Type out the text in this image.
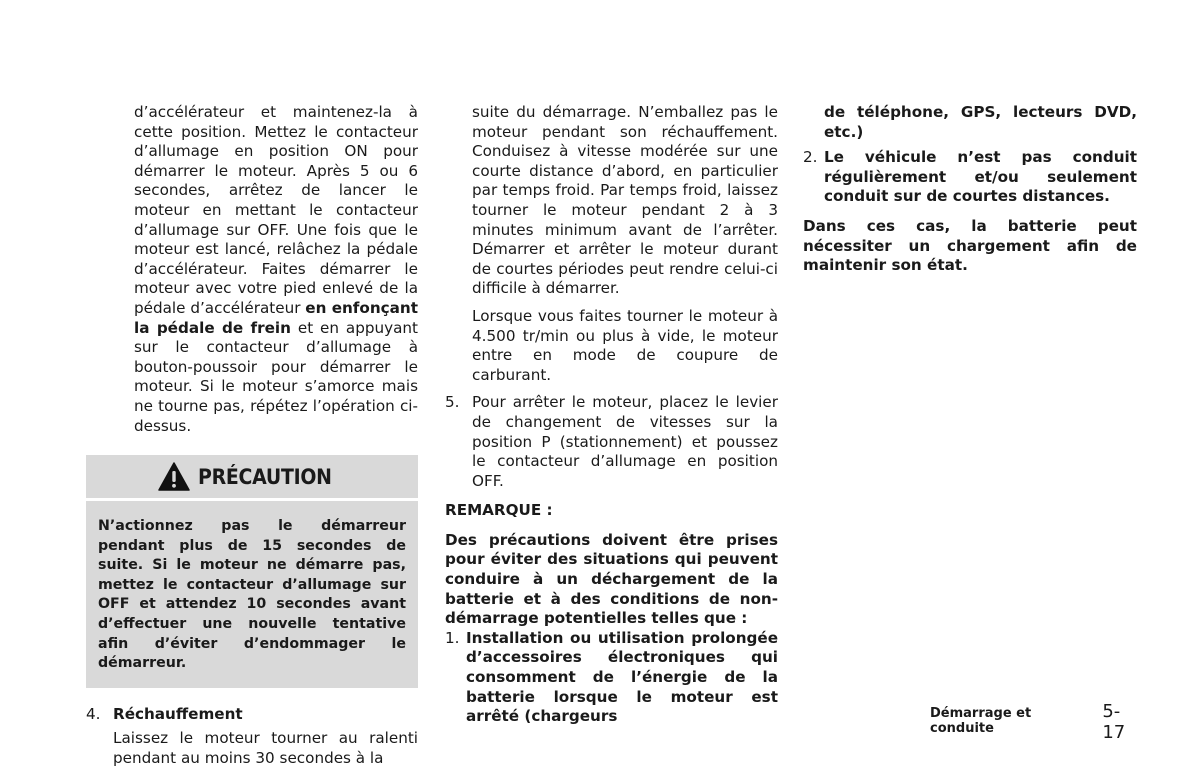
d’accélérateur et maintenez-la à cette position. Mettez le contacteur d’allumage en position ON pour démarrer le moteur. Après 5 ou 6 secondes, arrêtez de lancer le moteur en mettant le contacteur d’allumage sur OFF. Une fois que le moteur est lancé, relâchez la pédale d’accélérateur. Faites démarrer le moteur avec votre pied enlevé de la pédale d’accélérateur en enfonçant la pédale de frein et en appuyant sur le contacteur d’allumage à bouton-poussoir pour démarrer le moteur. Si le moteur s’amorce mais ne tourne pas, répétez l’opération ci-dessus.

PRÉCAUTION
N’actionnez pas le démarreur pendant plus de 15 secondes de suite. Si le moteur ne démarre pas, mettez le contacteur d’allumage sur OFF et attendez 10 secondes avant d’effectuer une nouvelle tentative afin d’éviter d’endommager le démarreur.
4. Réchauffement

Laissez le moteur tourner au ralenti pendant au moins 30 secondes à la

suite du démarrage. N’emballez pas le moteur pendant son réchauffement. Conduisez à vitesse modérée sur une courte distance d’abord, en particulier par temps froid. Par temps froid, laissez tourner le moteur pendant 2 à 3 minutes minimum avant de l’arrêter. Démarrer et arrêter le moteur durant de courtes périodes peut rendre celui-ci difficile à démarrer.

Lorsque vous faites tourner le moteur à 4.500 tr/min ou plus à vide, le moteur entre en mode de coupure de carburant.

5. Pour arrêter le moteur, placez le levier de changement de vitesses sur la position P (stationnement) et poussez le contacteur d’allumage en position OFF.

REMARQUE :

Des précautions doivent être prises pour éviter des situations qui peuvent conduire à un déchargement de la batterie et à des conditions de non-démarrage potentielles telles que :

1. Installation ou utilisation prolongée d’accessoires électroniques qui consomment de l’énergie de la batterie lorsque le moteur est arrêté (chargeurs

de téléphone, GPS, lecteurs DVD, etc.)

2. Le véhicule n’est pas conduit régulièrement et/ou seulement conduit sur de courtes distances.

Dans ces cas, la batterie peut nécessiter un chargement afin de maintenir son état.

Démarrage et conduite
5-17
